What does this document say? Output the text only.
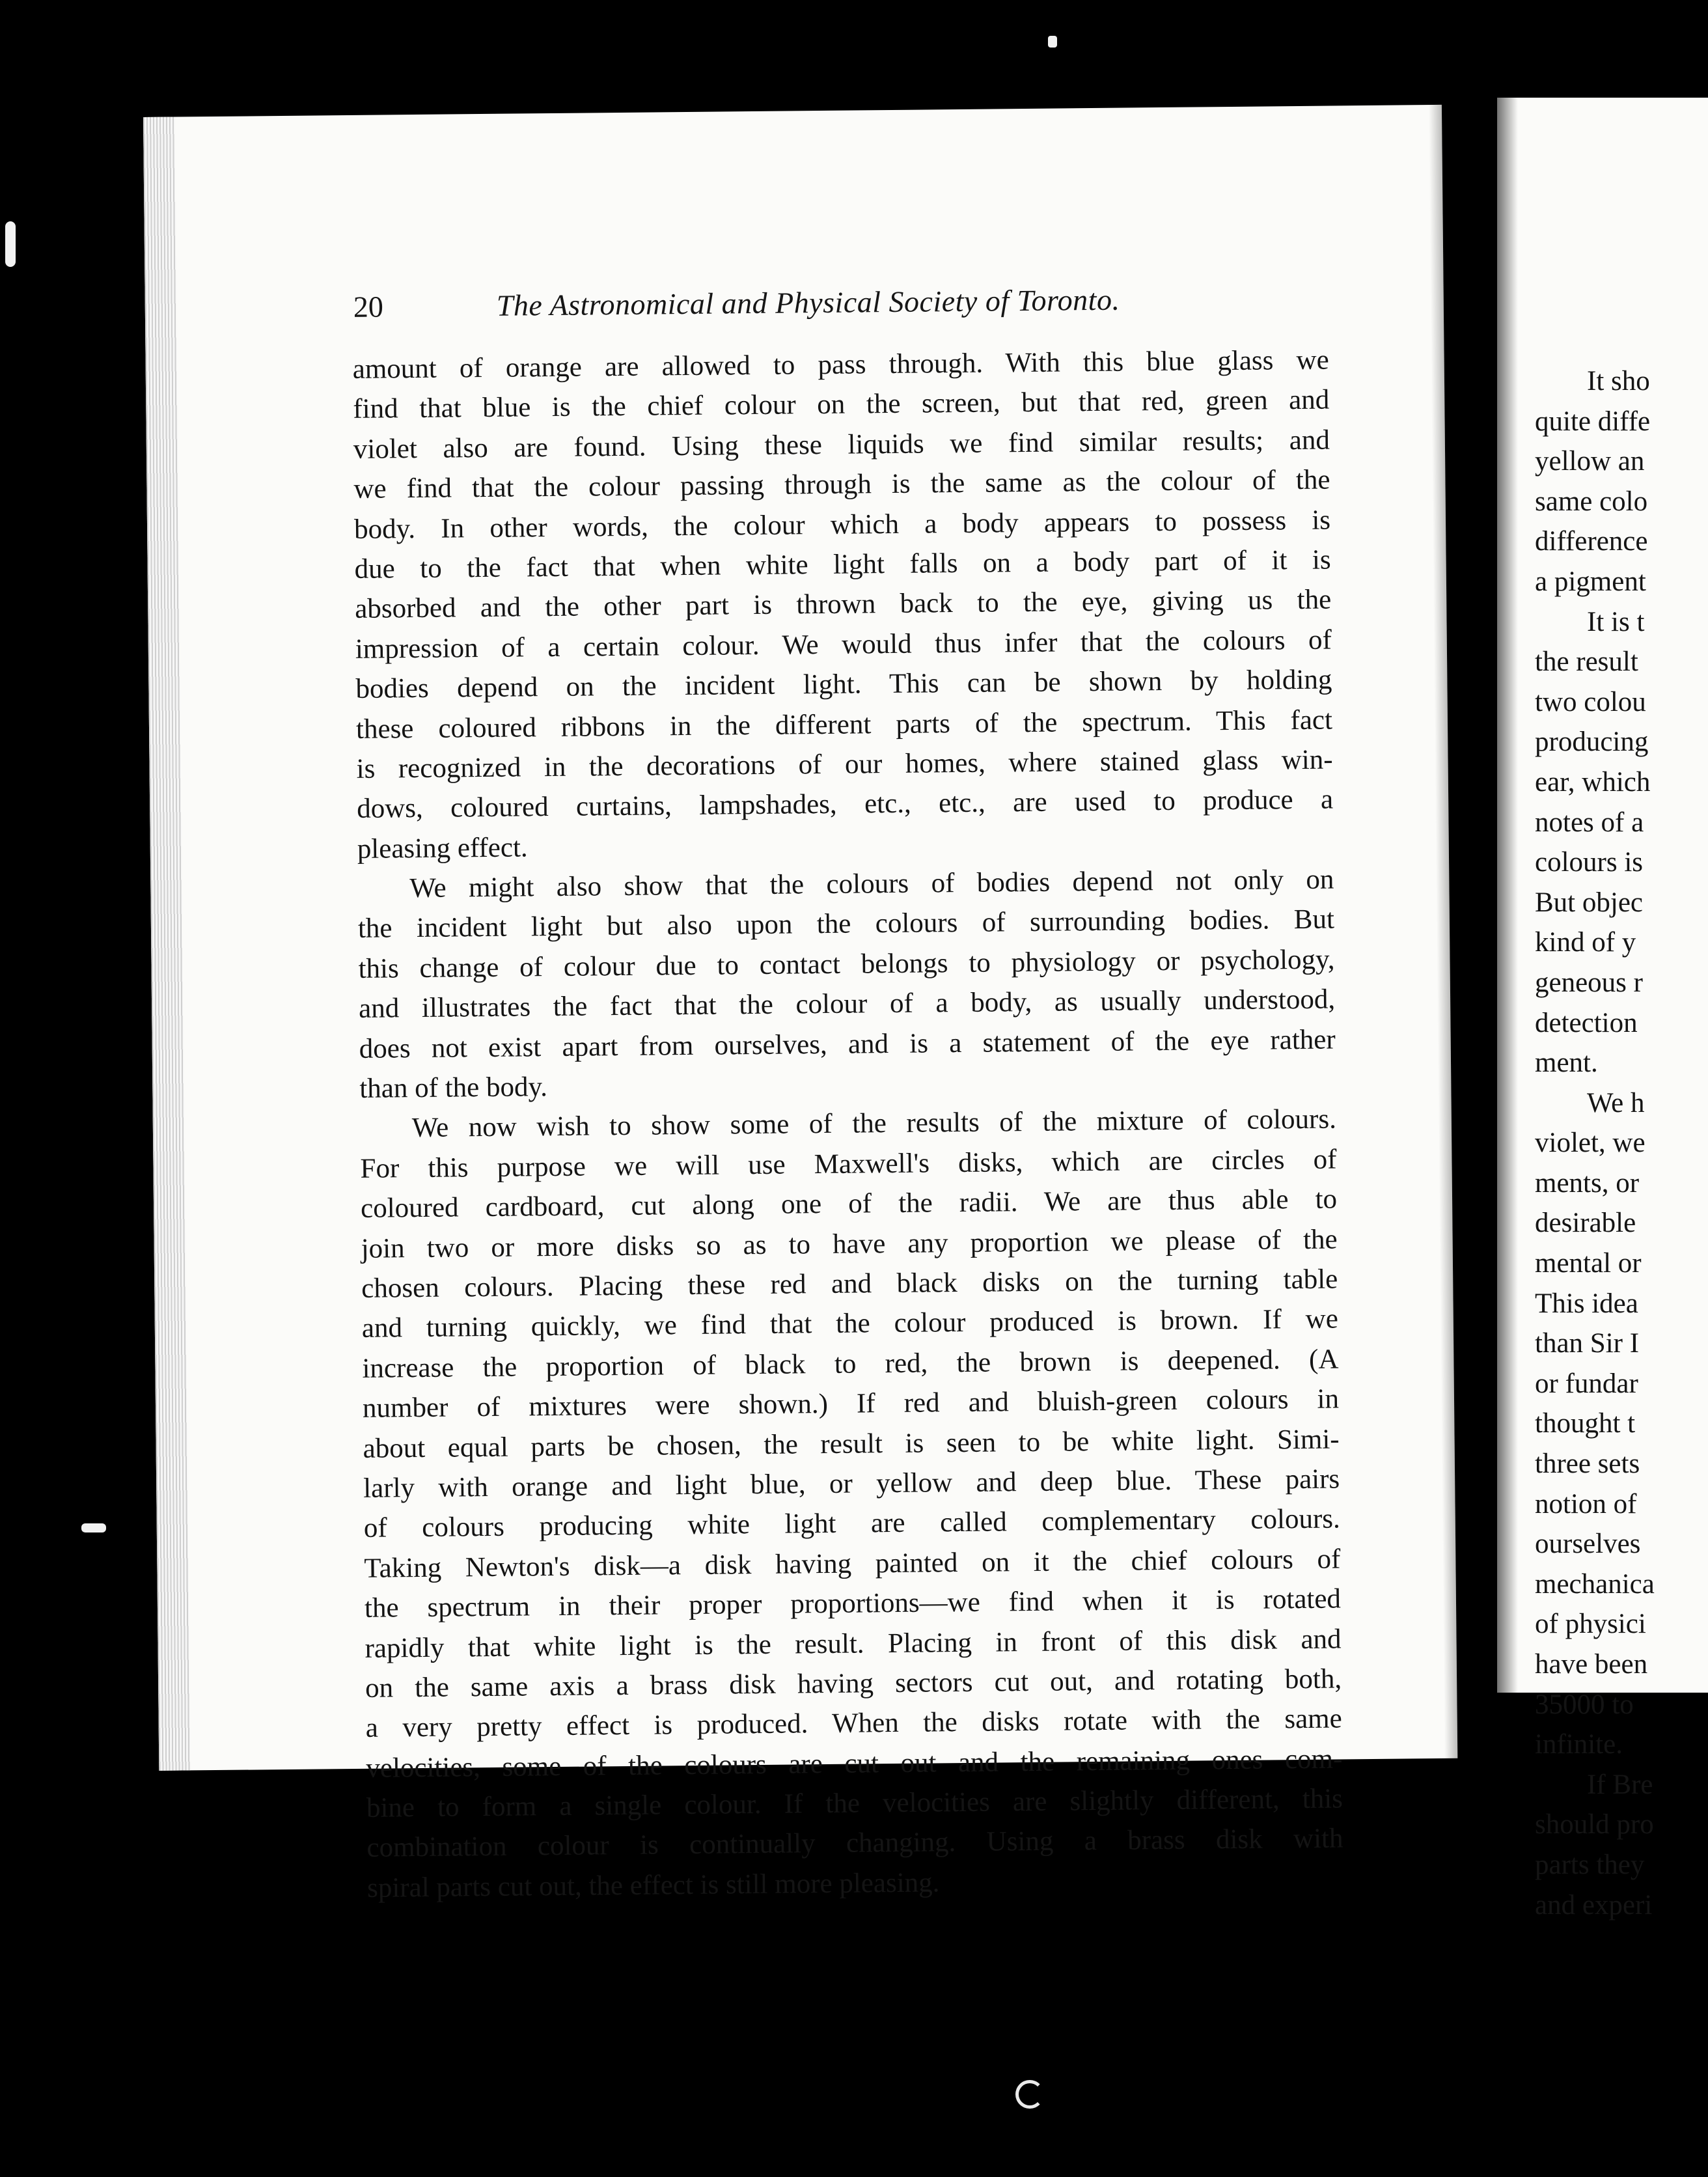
20	The Astronomical and Physical Society of Toronto.
amount of orange are allowed to pass through. With this blue glass we
find that blue is the chief colour on the screen, but that red, green and
violet also are found. Using these liquids we find similar results; and
we find that the colour passing through is the same as the colour of the
body. In other words, the colour which a body appears to possess is
due to the fact that when white light falls on a body part of it is
absorbed and the other part is thrown back to the eye, giving us the
impression of a certain colour. We would thus infer that the colours of
bodies depend on the incident light. This can be shown by holding
these coloured ribbons in the different parts of the spectrum. This fact
is recognized in the decorations of our homes, where stained glass win-
dows, coloured curtains, lampshades, etc., etc., are used to produce a
pleasing effect.
We might also show that the colours of bodies depend not only on
the incident light but also upon the colours of surrounding bodies. But
this change of colour due to contact belongs to physiology or psychology,
and illustrates the fact that the colour of a body, as usually understood,
does not exist apart from ourselves, and is a statement of the eye rather
than of the body.
We now wish to show some of the results of the mixture of colours.
For this purpose we will use Maxwell's disks, which are circles of
coloured cardboard, cut along one of the radii. We are thus able to
join two or more disks so as to have any proportion we please of the
chosen colours. Placing these red and black disks on the turning table
and turning quickly, we find that the colour produced is brown. If we
increase the proportion of black to red, the brown is deepened. (A
number of mixtures were shown.) If red and bluish-green colours in
about equal parts be chosen, the result is seen to be white light. Simi-
larly with orange and light blue, or yellow and deep blue. These pairs
of colours producing white light are called complementary colours.
Taking Newton's disk—a disk having painted on it the chief colours of
the spectrum in their proper proportions—we find when it is rotated
rapidly that white light is the result. Placing in front of this disk and
on the same axis a brass disk having sectors cut out, and rotating both,
a very pretty effect is produced. When the disks rotate with the same
velocities, some of the colours are cut out and the remaining ones com-
bine to form a single colour. If the velocities are slightly different, this
combination colour is continually changing. Using a brass disk with
spiral parts cut out, the effect is still more pleasing.
It sho
quite diffe
yellow an
same colo
difference
a pigment
It is t
the result
two colou
producing
ear, which
notes of a
colours is
But objec
kind of y
geneous r
detection
ment.
We h
violet, we
ments, or
desirable
mental or
This idea
than Sir I
or fundar
thought t
three sets
notion of
ourselves
mechanica
of physici
have been
35000 to
infinite.
If Bre
should pro
parts they
and experi
